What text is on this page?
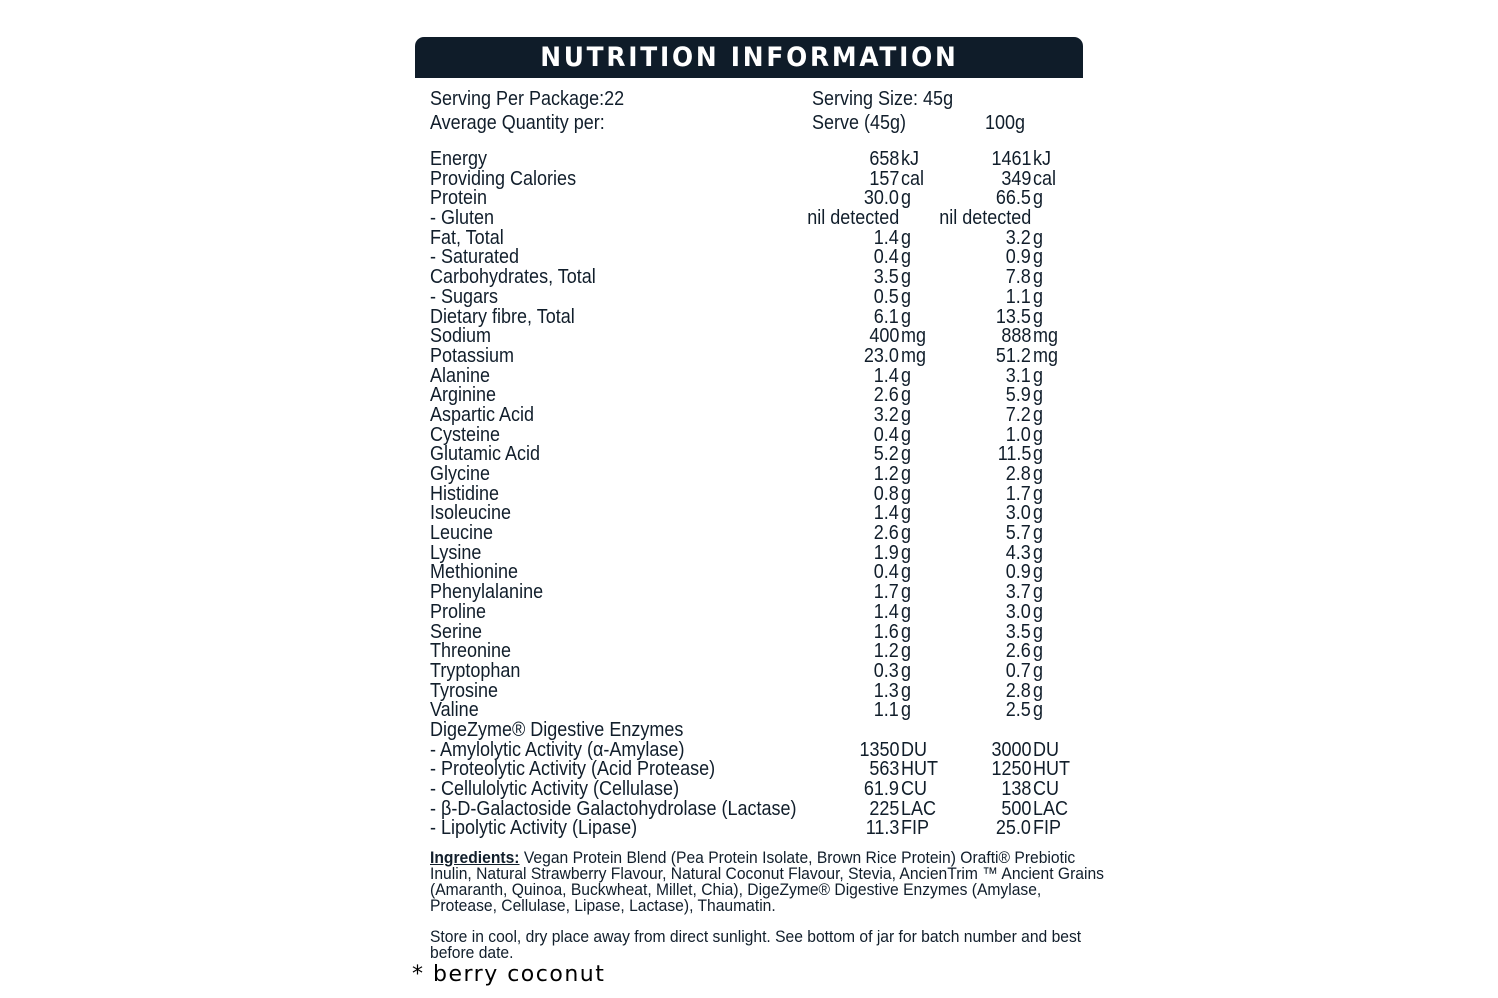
NUTRITION INFORMATION
Serving Per Package:22	Serving Size: 45g
Average Quantity per:	Serve (45g)	100g
Energy	658 kJ	1461 kJ
Providing Calories	157 cal	349 cal
Protein	30.0 g	66.5 g
- Gluten	nil detected nil detected
Fat, Total	1.4 g	3.2 g
- Saturated	0.4 g	0.9 g
Carbohydrates, Total	3.5 g	7.8 g
- Sugars	0.5 g	1.1 g
Dietary fibre, Total	6.1 g	13.5 g
Sodium	400 mg	888 mg
Potassium	23.0 mg	51.2 mg
Alanine	1.4 g	3.1 g
Arginine	2.6 g	5.9 g
Aspartic Acid	3.2 g	7.2 g
Cysteine	0.4 g	1.0 g
Glutamic Acid	5.2 g	11.5 g
Glycine	1.2 g	2.8 g
Histidine	0.8 g	1.7 g
Isoleucine	1.4 g	3.0 g
Leucine	2.6 g	5.7 g
Lysine	1.9 g	4.3 g
Methionine	0.4 g	0.9 g
Phenylalanine	1.7 g	3.7 g
Proline	1.4 g	3.0 g
Serine	1.6 g	3.5 g
Threonine	1.2 g	2.6 g
Tryptophan	0.3 g	0.7 g
Tyrosine	1.3 g	2.8 g
Valine	1.1 g	2.5 g
DigeZyme® Digestive Enzymes
- Amylolytic Activity (α-Amylase)	1350 DU	3000 DU
- Proteolytic Activity (Acid Protease)	563 HUT	1250 HUT
- Cellulolytic Activity (Cellulase)	61.9 CU	138 CU
- β-D-Galactoside Galactohydrolase (Lactase)	225 LAC	500 LAC
- Lipolytic Activity (Lipase)	11.3 FIP	25.0 FIP
Ingredients: Vegan Protein Blend (Pea Protein Isolate, Brown Rice Protein) Orafti® Prebiotic Inulin, Natural Strawberry Flavour, Natural Coconut Flavour, Stevia, AncienTrim ™ Ancient Grains (Amaranth, Quinoa, Buckwheat, Millet, Chia), DigeZyme® Digestive Enzymes (Amylase, Protease, Cellulase, Lipase, Lactase), Thaumatin.
Store in cool, dry place away from direct sunlight. See bottom of jar for batch number and best before date.
* berry coconut
